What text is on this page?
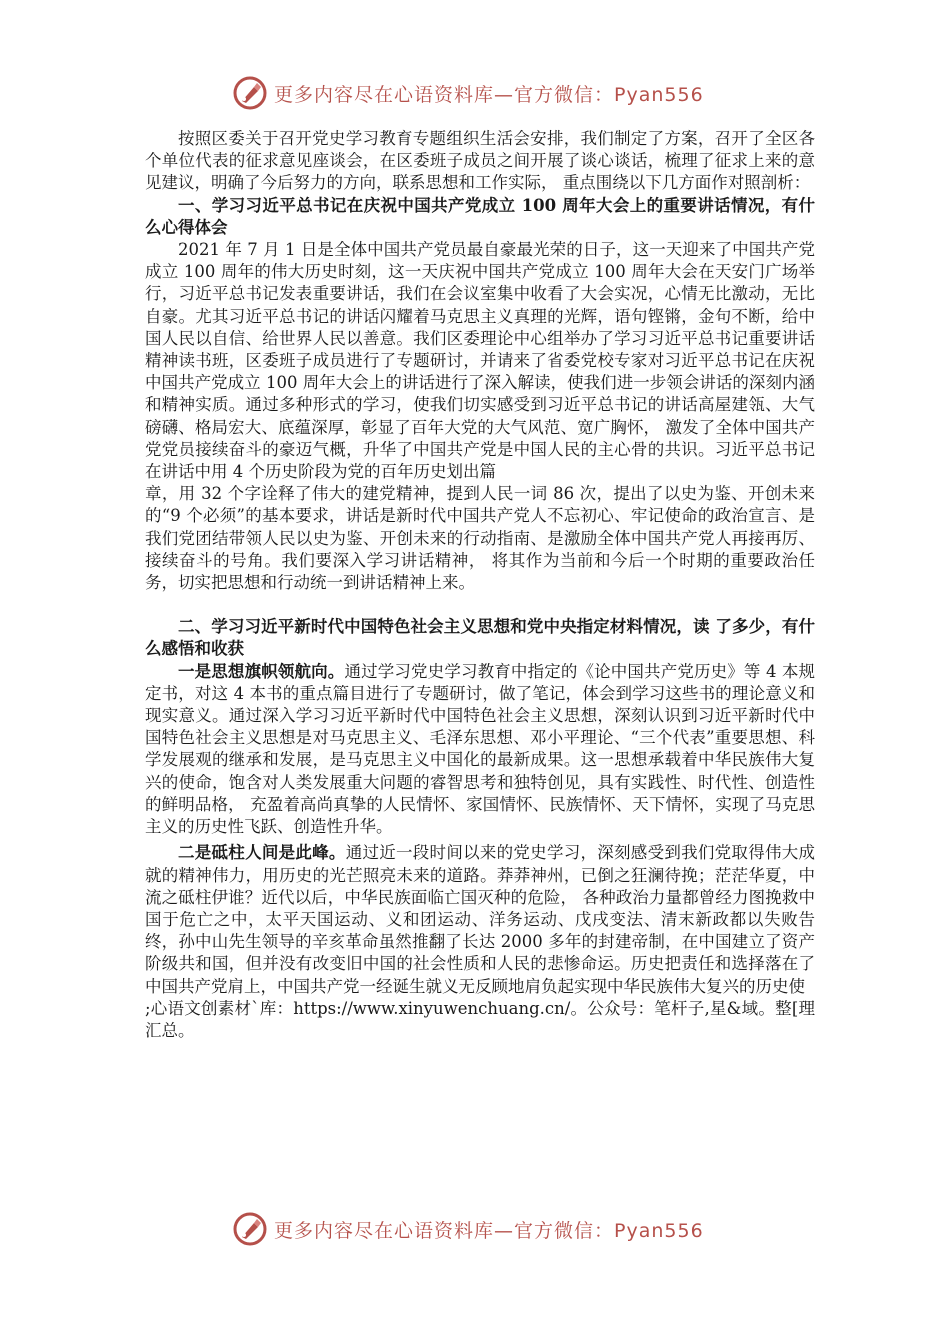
更多内容尽在心语资料库—官方微信：Pyan556

按照区委关于召开党史学习教育专题组织生活会安排，我们制定了方案，召开了全区各个单位代表的征求意见座谈会，在区委班子成员之间开展了谈心谈话，梳理了征求上来的意见建议，明确了今后努力的方向，联系思想和工作实际， 重点围绕以下几方面作对照剖析：

一、学习习近平总书记在庆祝中国共产党成立 100 周年大会上的重要讲话情况，有什么心得体会

2021 年 7 月 1 日是全体中国共产党员最自豪最光荣的日子，这一天迎来了中国共产党成立 100 周年的伟大历史时刻，这一天庆祝中国共产党成立 100 周年大会在天安门广场举行，习近平总书记发表重要讲话，我们在会议室集中收看了大会实况，心情无比激动，无比自豪。尤其习近平总书记的讲话闪耀着马克思主义真理的光辉，语句铿锵，金句不断，给中国人民以自信、给世界人民以善意。我们区委理论中心组举办了学习习近平总书记重要讲话精神读书班，区委班子成员进行了专题研讨，并请来了省委党校专家对习近平总书记在庆祝中国共产党成立 100 周年大会上的讲话进行了深入解读，使我们进一步领会讲话的深刻内涵和精神实质。通过多种形式的学习，使我们切实感受到习近平总书记的讲话高屋建瓴、大气磅礴、格局宏大、底蕴深厚，彰显了百年大党的大气风范、宽广胸怀， 激发了全体中国共产党党员接续奋斗的豪迈气概，升华了中国共产党是中国人民的主心骨的共识。习近平总书记在讲话中用 4 个历史阶段为党的百年历史划出篇

章，用 32 个字诠释了伟大的建党精神，提到人民一词 86 次，提出了以史为鉴、开创未来的“9 个必须”的基本要求，讲话是新时代中国共产党人不忘初心、牢记使命的政治宣言、是我们党团结带领人民以史为鉴、开创未来的行动指南、是激励全体中国共产党人再接再厉、接续奋斗的号角。我们要深入学习讲话精神， 将其作为当前和今后一个时期的重要政治任务，切实把思想和行动统一到讲话精神上来。

二、学习习近平新时代中国特色社会主义思想和党中央指定材料情况，读 了多少，有什么感悟和收获

一是思想旗帜领航向。通过学习党史学习教育中指定的《论中国共产党历史》等 4 本规定书，对这 4 本书的重点篇目进行了专题研讨，做了笔记，体会到学习这些书的理论意义和现实意义。通过深入学习习近平新时代中国特色社会主义思想，深刻认识到习近平新时代中国特色社会主义思想是对马克思主义、毛泽东思想、邓小平理论、“三个代表”重要思想、科学发展观的继承和发展，是马克思主义中国化的最新成果。这一思想承载着中华民族伟大复兴的使命，饱含对人类发展重大问题的睿智思考和独特创见，具有实践性、时代性、创造性的鲜明品格， 充盈着高尚真挚的人民情怀、家国情怀、民族情怀、天下情怀，实现了马克思主义的历史性飞跃、创造性升华。

二是砥柱人间是此峰。通过近一段时间以来的党史学习，深刻感受到我们党取得伟大成就的精神伟力，用历史的光芒照亮未来的道路。莽莽神州，已倒之狂澜待挽；茫茫华夏，中流之砥柱伊谁？近代以后，中华民族面临亡国灭种的危险， 各种政治力量都曾经力图挽救中国于危亡之中，太平天国运动、义和团运动、洋务运动、戊戌变法、清末新政都以失败告终，孙中山先生领导的辛亥革命虽然推翻了长达 2000 多年的封建帝制，在中国建立了资产阶级共和国，但并没有改变旧中国的社会性质和人民的悲惨命运。历史把责任和选择落在了中国共产党肩上，中国共产党一经诞生就义无反顾地肩负起实现中华民族伟大复兴的历史使

;心语文创素材`库：https://www.xinyuwenchuang.cn/。公众号：笔杆子,星&域。整[理汇总。

更多内容尽在心语资料库—官方微信：Pyan556
